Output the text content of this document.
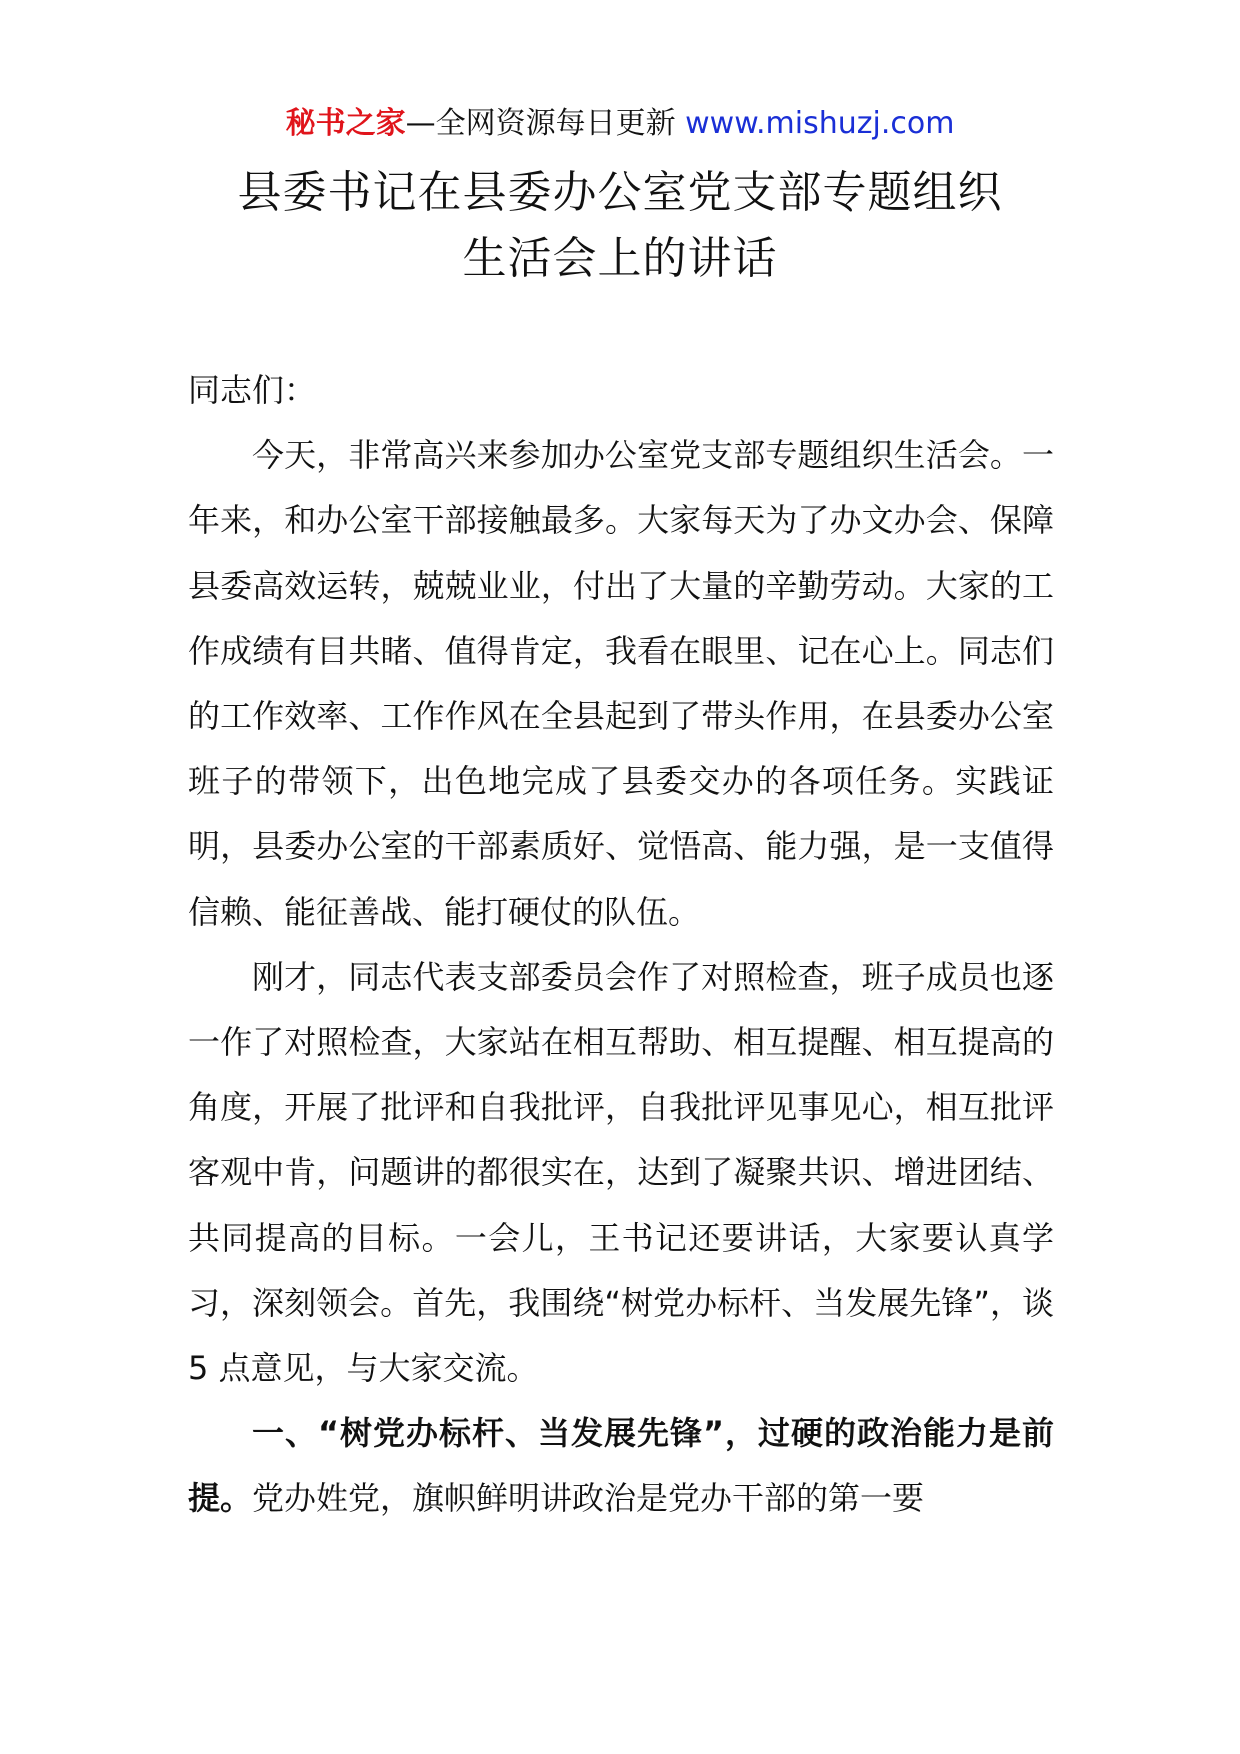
秘书之家—全网资源每日更新 www.mishuzj.com
县委书记在县委办公室党支部专题组织
生活会上的讲话

同志们：

今天，非常高兴来参加办公室党支部专题组织生活会。一年来，和办公室干部接触最多。大家每天为了办文办会、保障县委高效运转，兢兢业业，付出了大量的辛勤劳动。大家的工作成绩有目共睹、值得肯定，我看在眼里、记在心上。同志们的工作效率、工作作风在全县起到了带头作用，在县委办公室班子的带领下，出色地完成了县委交办的各项任务。实践证明，县委办公室的干部素质好、觉悟高、能力强，是一支值得信赖、能征善战、能打硬仗的队伍。

刚才，同志代表支部委员会作了对照检查，班子成员也逐一作了对照检查，大家站在相互帮助、相互提醒、相互提高的角度，开展了批评和自我批评，自我批评见事见心，相互批评客观中肯，问题讲的都很实在，达到了凝聚共识、增进团结、共同提高的目标。一会儿，王书记还要讲话，大家要认真学习，深刻领会。首先，我围绕“树党办标杆、当发展先锋”，谈 5 点意见，与大家交流。

一、“树党办标杆、当发展先锋”，过硬的政治能力是前提。党办姓党，旗帜鲜明讲政治是党办干部的第一要
